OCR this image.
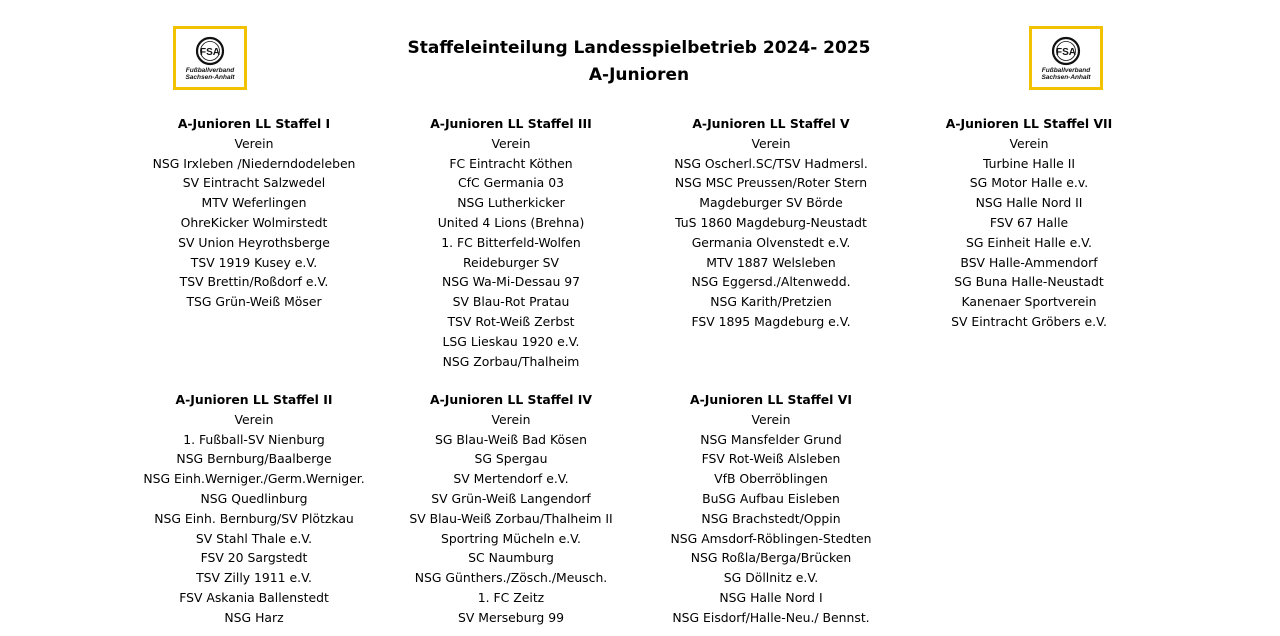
FSA
Fußballverband
Sachsen-Anhalt
FSA
Fußballverband
Sachsen-Anhalt
Staffeleinteilung Landesspielbetrieb 2024- 2025
A-Junioren
A-Junioren LL Staffel I
Verein
NSG Irxleben /Niederndodeleben
SV Eintracht Salzwedel
MTV Weferlingen
OhreKicker Wolmirstedt
SV Union Heyrothsberge
TSV 1919 Kusey e.V.
TSV Brettin/Roßdorf e.V.
TSG Grün-Weiß Möser
A-Junioren LL Staffel III
Verein
FC Eintracht Köthen
CfC Germania 03
NSG Lutherkicker
United 4 Lions (Brehna)
1. FC Bitterfeld-Wolfen
Reideburger SV
NSG Wa-Mi-Dessau 97
SV Blau-Rot Pratau
TSV Rot-Weiß Zerbst
LSG Lieskau 1920 e.V.
NSG Zorbau/Thalheim
A-Junioren LL Staffel V
Verein
NSG Oscherl.SC/TSV Hadmersl.
NSG MSC Preussen/Roter Stern
Magdeburger SV Börde
TuS 1860 Magdeburg-Neustadt
Germania Olvenstedt e.V.
MTV 1887 Welsleben
NSG Eggersd./Altenwedd.
NSG Karith/Pretzien
FSV 1895 Magdeburg e.V.
A-Junioren LL Staffel VII
Verein
Turbine Halle II
SG Motor Halle e.v.
NSG Halle Nord II
FSV 67 Halle
SG Einheit Halle e.V.
BSV Halle-Ammendorf
SG Buna Halle-Neustadt
Kanenaer Sportverein
SV Eintracht Gröbers e.V.
A-Junioren LL Staffel II
Verein
1. Fußball-SV Nienburg
NSG Bernburg/Baalberge
NSG Einh.Werniger./Germ.Werniger.
NSG Quedlinburg
NSG Einh. Bernburg/SV Plötzkau
SV Stahl Thale e.V.
FSV 20 Sargstedt
TSV Zilly 1911 e.V.
FSV Askania Ballenstedt
NSG Harz
A-Junioren LL Staffel IV
Verein
SG Blau-Weiß Bad Kösen
SG Spergau
SV Mertendorf e.V.
SV Grün-Weiß Langendorf
SV Blau-Weiß Zorbau/Thalheim II
Sportring Mücheln e.V.
SC Naumburg
NSG Günthers./Zösch./Meusch.
1. FC Zeitz
SV Merseburg 99
A-Junioren LL Staffel VI
Verein
NSG Mansfelder Grund
FSV Rot-Weiß Alsleben
VfB Oberröblingen
BuSG Aufbau Eisleben
NSG Brachstedt/Oppin
NSG Amsdorf-Röblingen-Stedten
NSG Roßla/Berga/Brücken
SG Döllnitz e.V.
NSG Halle Nord I
NSG Eisdorf/Halle-Neu./ Bennst.
